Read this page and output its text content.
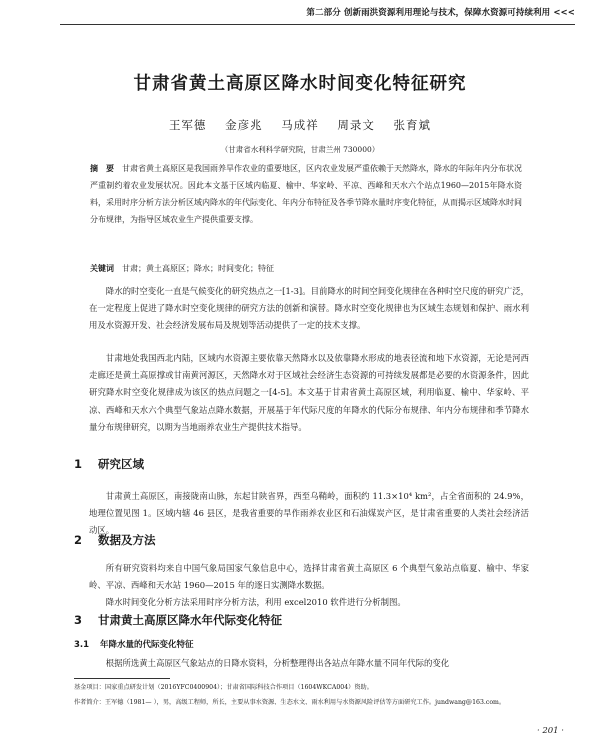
第二部分 创新雨洪资源利用理论与技术，保障水资源可持续利用 <<<
甘肃省黄土高原区降水时间变化特征研究
王军德 金彦兆 马成祥 周录文 张育斌
（甘肃省水利科学研究院，甘肃兰州 730000）
摘　要 甘肃省黄土高原区是我国雨养旱作农业的重要地区，区内农业发展严重依赖于天然降水，降水的年际年内分布状况严重制约着农业发展状况。因此本文基于区域内临夏、榆中、华家岭、平凉、西峰和天水六个站点1960—2015年降水资料，采用时序分析方法分析区域内降水的年代际变化、年内分布特征及各季节降水量时序变化特征，从而揭示区域降水时间分布规律，为指导区域农业生产提供重要支撑。
关键词 甘肃；黄土高原区；降水；时间变化；特征

降水的时空变化一直是气候变化的研究热点之一[1-3]。目前降水的时间空间变化规律在各种时空尺度的研究广泛，在一定程度上促进了降水时空变化规律的研究方法的创新和演替。降水时空变化规律也为区域生态规划和保护、雨水利用及水资源开发、社会经济发展布局及规划等活动提供了一定的技术支撑。

甘肃地处我国西北内陆，区域内水资源主要依靠天然降水以及依靠降水形成的地表径流和地下水资源，无论是河西走廊还是黄土高原撑或甘南黄河源区，天然降水对于区域社会经济生态资源的可持续发展都是必要的水资源条件，因此研究降水时空变化规律成为该区的热点问题之一[4-5]。本文基于甘肃省黄土高原区域，利用临夏、榆中、华家岭、平凉、西峰和天水六个典型气象站点降水数据，开展基于年代际尺度的年降水的代际分布规律、年内分布规律和季节降水量分布规律研究，以期为当地雨养农业生产提供技术指导。

1 研究区域

甘肃黄土高原区，南接陇南山脉，东起甘陕省界，西至乌鞘岭，面积约 11.3×10⁴ km²，占全省面积的 24.9%，地理位置见图 1。区域内辖 46 县区，是我省重要的旱作雨养农业区和石油煤炭产区，是甘肃省重要的人类社会经济活动区。

2 数据及方法

所有研究资料均来自中国气象局国家气象信息中心，选择甘肃省黄土高原区 6 个典型气象站点临夏、榆中、华家岭、平凉、西峰和天水站 1960—2015 年的逐日实测降水数据。

降水时间变化分析方法采用时序分析方法，利用 excel2010 软件进行分析制图。

3 甘肃黄土高原区降水年代际变化特征
3.1 年降水量的代际变化特征

根据所选黄土高原区气象站点的日降水资料，分析整理得出各站点年降水量不同年代际的变化

基金项目：国家重点研发计划（2016YFC0400904）；甘肃省国际科技合作项目（1604WKCA004）资助。
作者简介：王军德（1981— ），男，高级工程师，所长，主要从事水资源、生态水文、雨水利用与水资源风险评估等方面研究工作。jundwang@163.com。
· 201 ·
